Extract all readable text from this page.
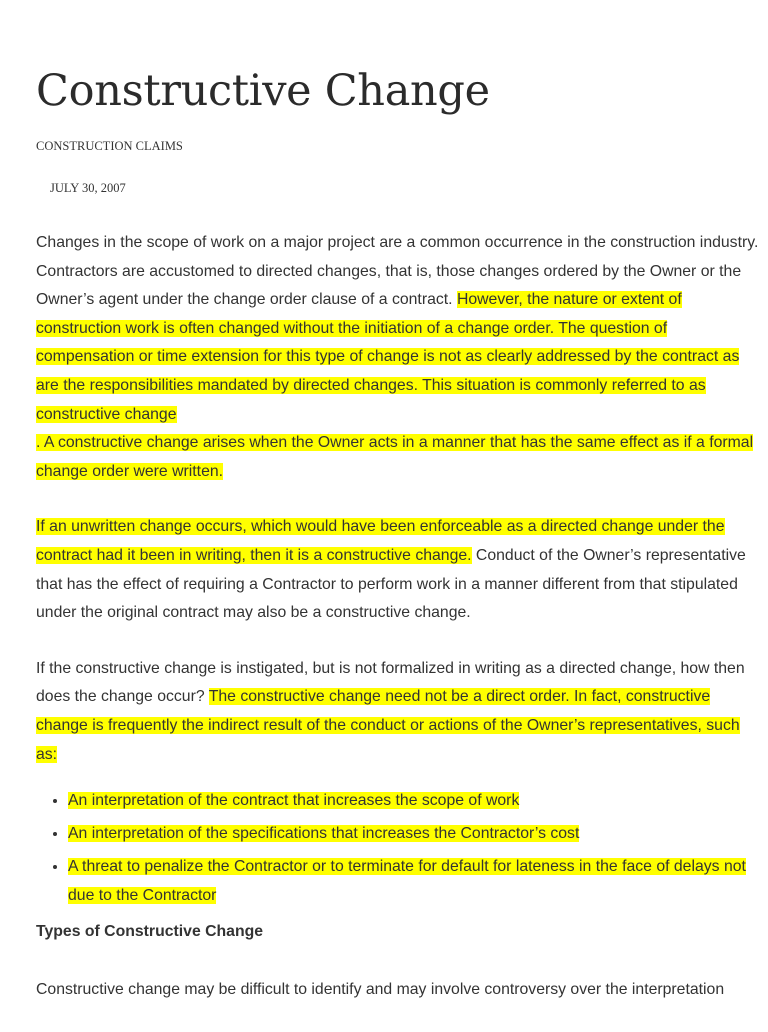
Constructive Change
CONSTRUCTION CLAIMS
JULY 30, 2007

Changes in the scope of work on a major project are a common occurrence in the construction industry. Contractors are accustomed to directed changes, that is, those changes ordered by the Owner or the Owner’s agent under the change order clause of a contract. However, the nature or extent of construction work is often changed without the initiation of a change order. The question of compensation or time extension for this type of change is not as clearly addressed by the contract as are the responsibilities mandated by directed changes. This situation is commonly referred to as constructive change
. A constructive change arises when the Owner acts in a manner that has the same effect as if a formal change order were written.

If an unwritten change occurs, which would have been enforceable as a directed change under the contract had it been in writing, then it is a constructive change. Conduct of the Owner’s representative that has the effect of requiring a Contractor to perform work in a manner different from that stipulated under the original contract may also be a constructive change.

If the constructive change is instigated, but is not formalized in writing as a directed change, how then does the change occur? The constructive change need not be a direct order. In fact, constructive change is frequently the indirect result of the conduct or actions of the Owner’s representatives, such as:

• An interpretation of the contract that increases the scope of work
• An interpretation of the specifications that increases the Contractor’s cost
• A threat to penalize the Contractor or to terminate for default for lateness in the face of delays not due to the Contractor

Types of Constructive Change

Constructive change may be difficult to identify and may involve controversy over the interpretation
